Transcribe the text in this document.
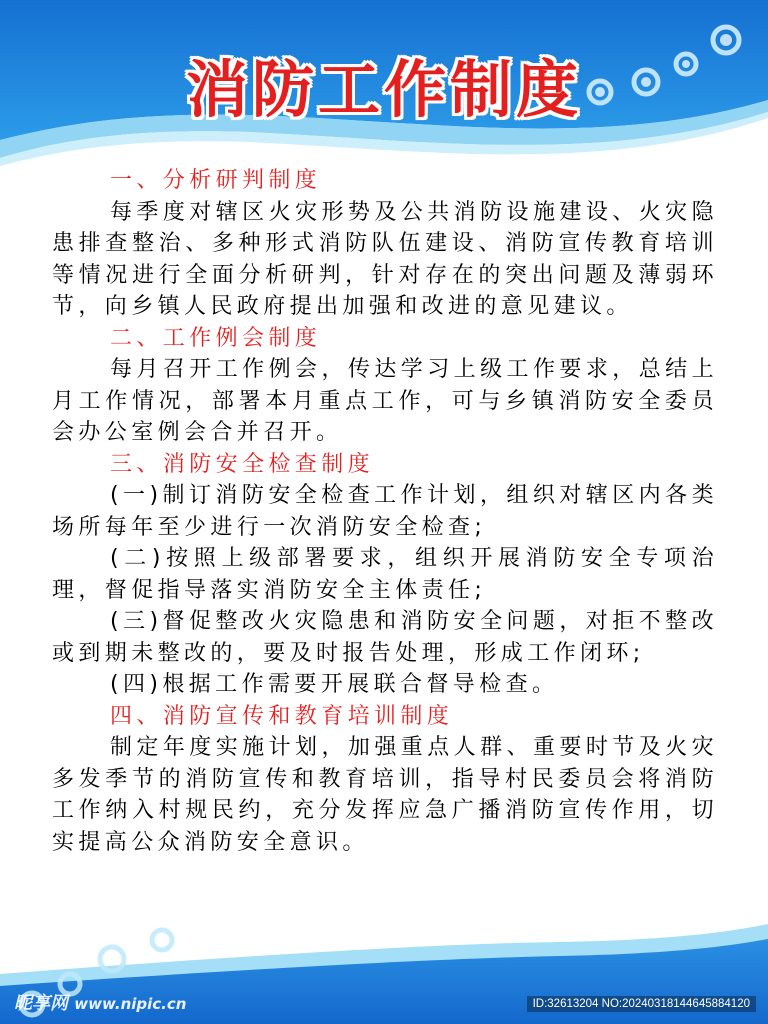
消防工作制度

一、分析研判制度

每季度对辖区火灾形势及公共消防设施建设、火灾隐患排查整治、多种形式消防队伍建设、消防宣传教育培训等情况进行全面分析研判，针对存在的突出问题及薄弱环节，向乡镇人民政府提出加强和改进的意见建议。

二、工作例会制度

每月召开工作例会，传达学习上级工作要求，总结上月工作情况，部署本月重点工作，可与乡镇消防安全委员会办公室例会合并召开。

三、消防安全检查制度

(一)制订消防安全检查工作计划，组织对辖区内各类场所每年至少进行一次消防安全检查;

(二)按照上级部署要求，组织开展消防安全专项治理，督促指导落实消防安全主体责任;

(三)督促整改火灾隐患和消防安全问题，对拒不整改或到期未整改的，要及时报告处理，形成工作闭环;

(四)根据工作需要开展联合督导检查。

四、消防宣传和教育培训制度

制定年度实施计划，加强重点人群、重要时节及火灾多发季节的消防宣传和教育培训，指导村民委员会将消防工作纳入村规民约，充分发挥应急广播消防宣传作用，切实提高公众消防安全意识。

昵享网 www.nipic.cn	ID:32613204 NO:20240318144645884120
